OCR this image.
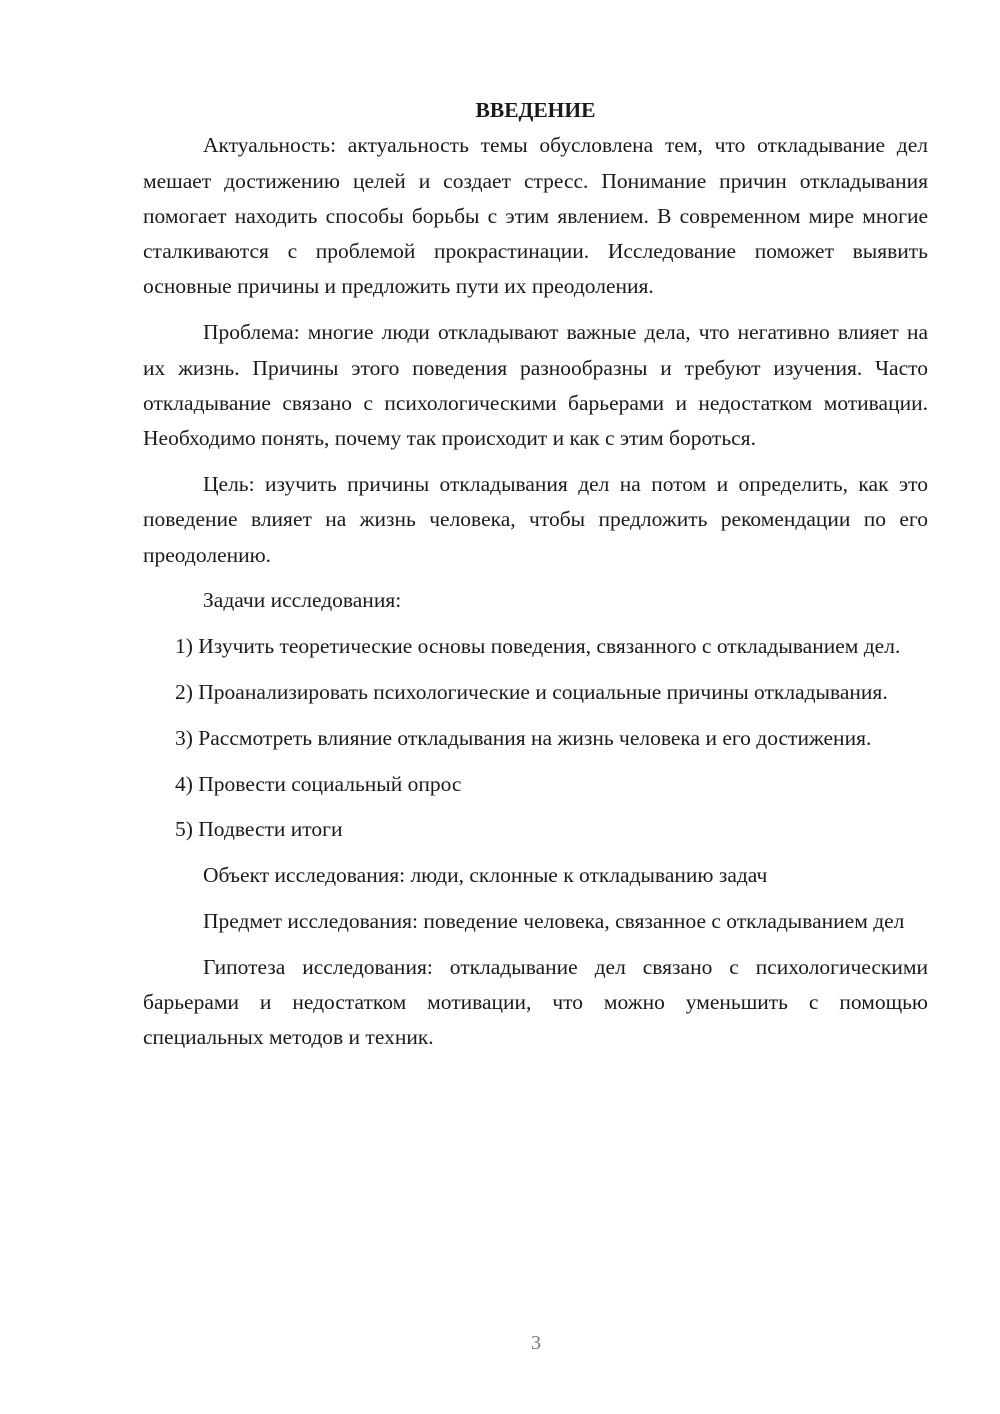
ВВЕДЕНИЕ

Актуальность: актуальность темы обусловлена тем, что откладывание дел мешает достижению целей и создает стресс. Понимание причин откладывания помогает находить способы борьбы с этим явлением. В современном мире многие сталкиваются с проблемой прокрастинации. Исследование поможет выявить основные причины и предложить пути их преодоления.

Проблема: многие люди откладывают важные дела, что негативно влияет на их жизнь. Причины этого поведения разнообразны и требуют изучения. Часто откладывание связано с психологическими барьерами и недостатком мотивации. Необходимо понять, почему так происходит и как с этим бороться.

Цель: изучить причины откладывания дел на потом и определить, как это поведение влияет на жизнь человека, чтобы предложить рекомендации по его преодолению.

Задачи исследования:

1) Изучить теоретические основы поведения, связанного с откладыванием дел.

2) Проанализировать психологические и социальные причины откладывания.

3) Рассмотреть влияние откладывания на жизнь человека и его достижения.

4) Провести социальный опрос

5) Подвести итоги

Объект исследования: люди, склонные к откладыванию задач

Предмет исследования: поведение человека, связанное с откладыванием дел

Гипотеза исследования: откладывание дел связано с психологическими барьерами и недостатком мотивации, что можно уменьшить с помощью специальных методов и техник.

3
